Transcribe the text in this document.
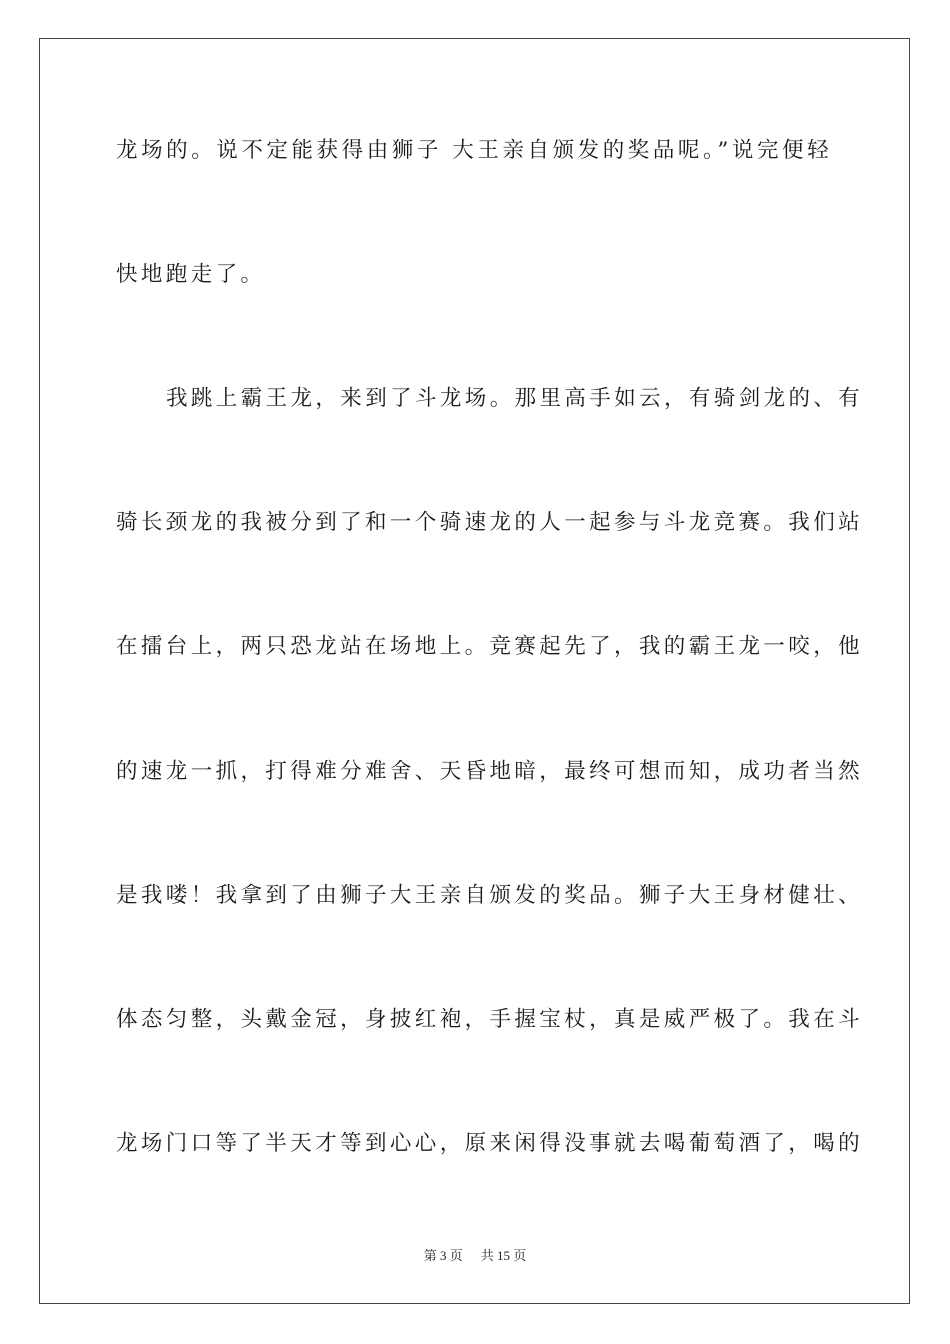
龙场的。说不定能获得由狮子 大王亲自颁发的奖品呢。”说完便轻
快地跑走了。
我跳上霸王龙，来到了斗龙场。那里高手如云，有骑剑龙的、有
骑长颈龙的我被分到了和一个骑速龙的人一起参与斗龙竞赛。我们站
在擂台上，两只恐龙站在场地上。竞赛起先了，我的霸王龙一咬，他
的速龙一抓，打得难分难舍、天昏地暗，最终可想而知，成功者当然
是我喽！我拿到了由狮子大王亲自颁发的奖品。狮子大王身材健壮、
体态匀整，头戴金冠，身披红袍，手握宝杖，真是威严极了。我在斗
龙场门口等了半天才等到心心，原来闲得没事就去喝葡萄酒了，喝的
第 3 页 共 15 页
